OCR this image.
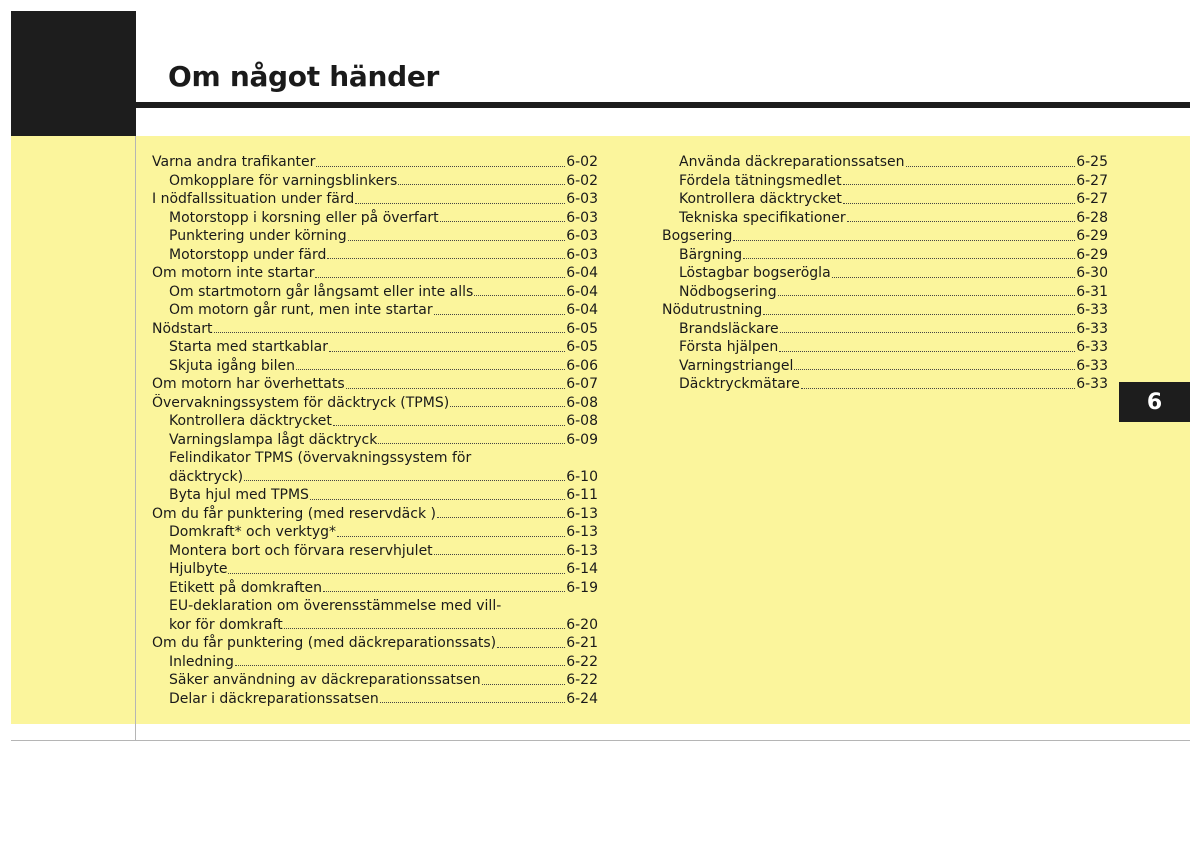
Om något händer
6
Varna andra trafikanter	6-02
Omkopplare för varningsblinkers	6-02
I nödfallssituation under färd	6-03
Motorstopp i korsning eller på överfart	6-03
Punktering under körning	6-03
Motorstopp under färd	6-03
Om motorn inte startar	6-04
Om startmotorn går långsamt eller inte alls	6-04
Om motorn går runt, men inte startar	6-04
Nödstart	6-05
Starta med startkablar	6-05
Skjuta igång bilen	6-06
Om motorn har överhettats	6-07
Övervakningssystem för däcktryck (TPMS)	6-08
Kontrollera däcktrycket	6-08
Varningslampa lågt däcktryck	6-09
Felindikator TPMS (övervakningssystem för
däcktryck)	6-10
Byta hjul med TPMS	6-11
Om du får punktering (med reservdäck )	6-13
Domkraft* och verktyg*	6-13
Montera bort och förvara reservhjulet	6-13
Hjulbyte	6-14
Etikett på domkraften	6-19
EU-deklaration om överensstämmelse med vill-
kor för domkraft	6-20
Om du får punktering (med däckreparationssats)	6-21
Inledning	6-22
Säker användning av däckreparationssatsen	6-22
Delar i däckreparationssatsen	6-24
Använda däckreparationssatsen	6-25
Fördela tätningsmedlet	6-27
Kontrollera däcktrycket	6-27
Tekniska specifikationer	6-28
Bogsering	6-29
Bärgning	6-29
Löstagbar bogserögla	6-30
Nödbogsering	6-31
Nödutrustning	6-33
Brandsläckare	6-33
Första hjälpen	6-33
Varningstriangel	6-33
Däcktryckmätare	6-33
